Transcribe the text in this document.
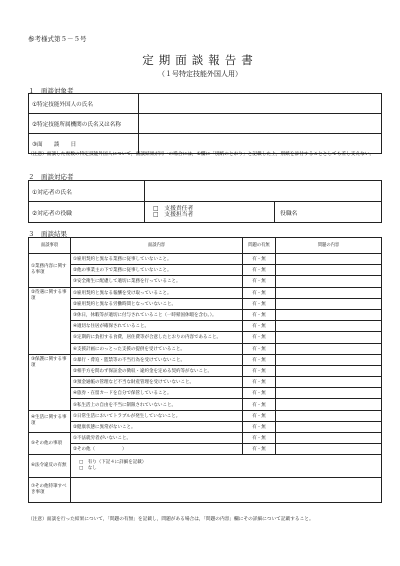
参考様式第５－５号
定期面談報告書
（１号特定技能外国人用）
１　面談対象者
①特定技能外国人の氏名	
②特定技能所属機関の氏名又は名称	
③面　　談　　日	
（注意）面談した複数の特定技能外国人について，面談結果が同一の場合には，①欄に「別紙のとおり」と記載した上，別紙を添付することとしても差し支えない。
２　面談対応者
①対応者の氏名			
②対応者の役職	□　支援責任者
□　支援担当者	役職名	
３　面談結果
面談事項	面談内容	問題の有無	問題の内容
①業務内容に関する事項	①雇用契約と異なる業務に従事していないこと。	有・無	
	②他の事業主の下で業務に従事していないこと。	有・無	
	③安全衛生に配慮して適切に業務を行っていること。	有・無	
②待遇に関する事項	①雇用契約と異なる報酬を受け取っていること。	有・無	
	②雇用契約と異なる労働時間となっていないこと。	有・無	
	③休日，休暇等が適切に付与されていること（一時帰国休暇を含む。）。	有・無	
	④適切な住居が確保されていること。	有・無	
	⑤定期的に負担する食費，居住費等が合意したとおりの内容であること。	有・無	
	⑥支援計画にのっとった支援の提供を受けていること。	有・無	
③保護に関する事項	①暴行・脅迫・監禁等の不当行為を受けていないこと。	有・無	
	②相手方を問わず保証金の徴収・違約金を定める契約等がないこと。	有・無	
	③預金通帳の管理など不当な財産管理を受けていないこと。	有・無	
	④旅券・在留カードを自分で保管していること。	有・無	
	⑤私生活上の自由を不当に制限されていないこと。	有・無	
④生活に関する事項	①日常生活においてトラブルが発生していないこと。	有・無	
	②健康状態に異常がないこと。	有・無	
⑤その他の事項	①不法就労者がいないこと。	有・無	
	②その他（　　　　　　）	有・無	
⑥法令違反の有無	□　有り（下記４に詳細を記載）
□　なし		

⑦その他特筆すべき事項			
（注意）面談を行った結果について，「問題の有無」を記載し，問題がある場合は，「問題の内容」欄にその詳細について記載すること。
